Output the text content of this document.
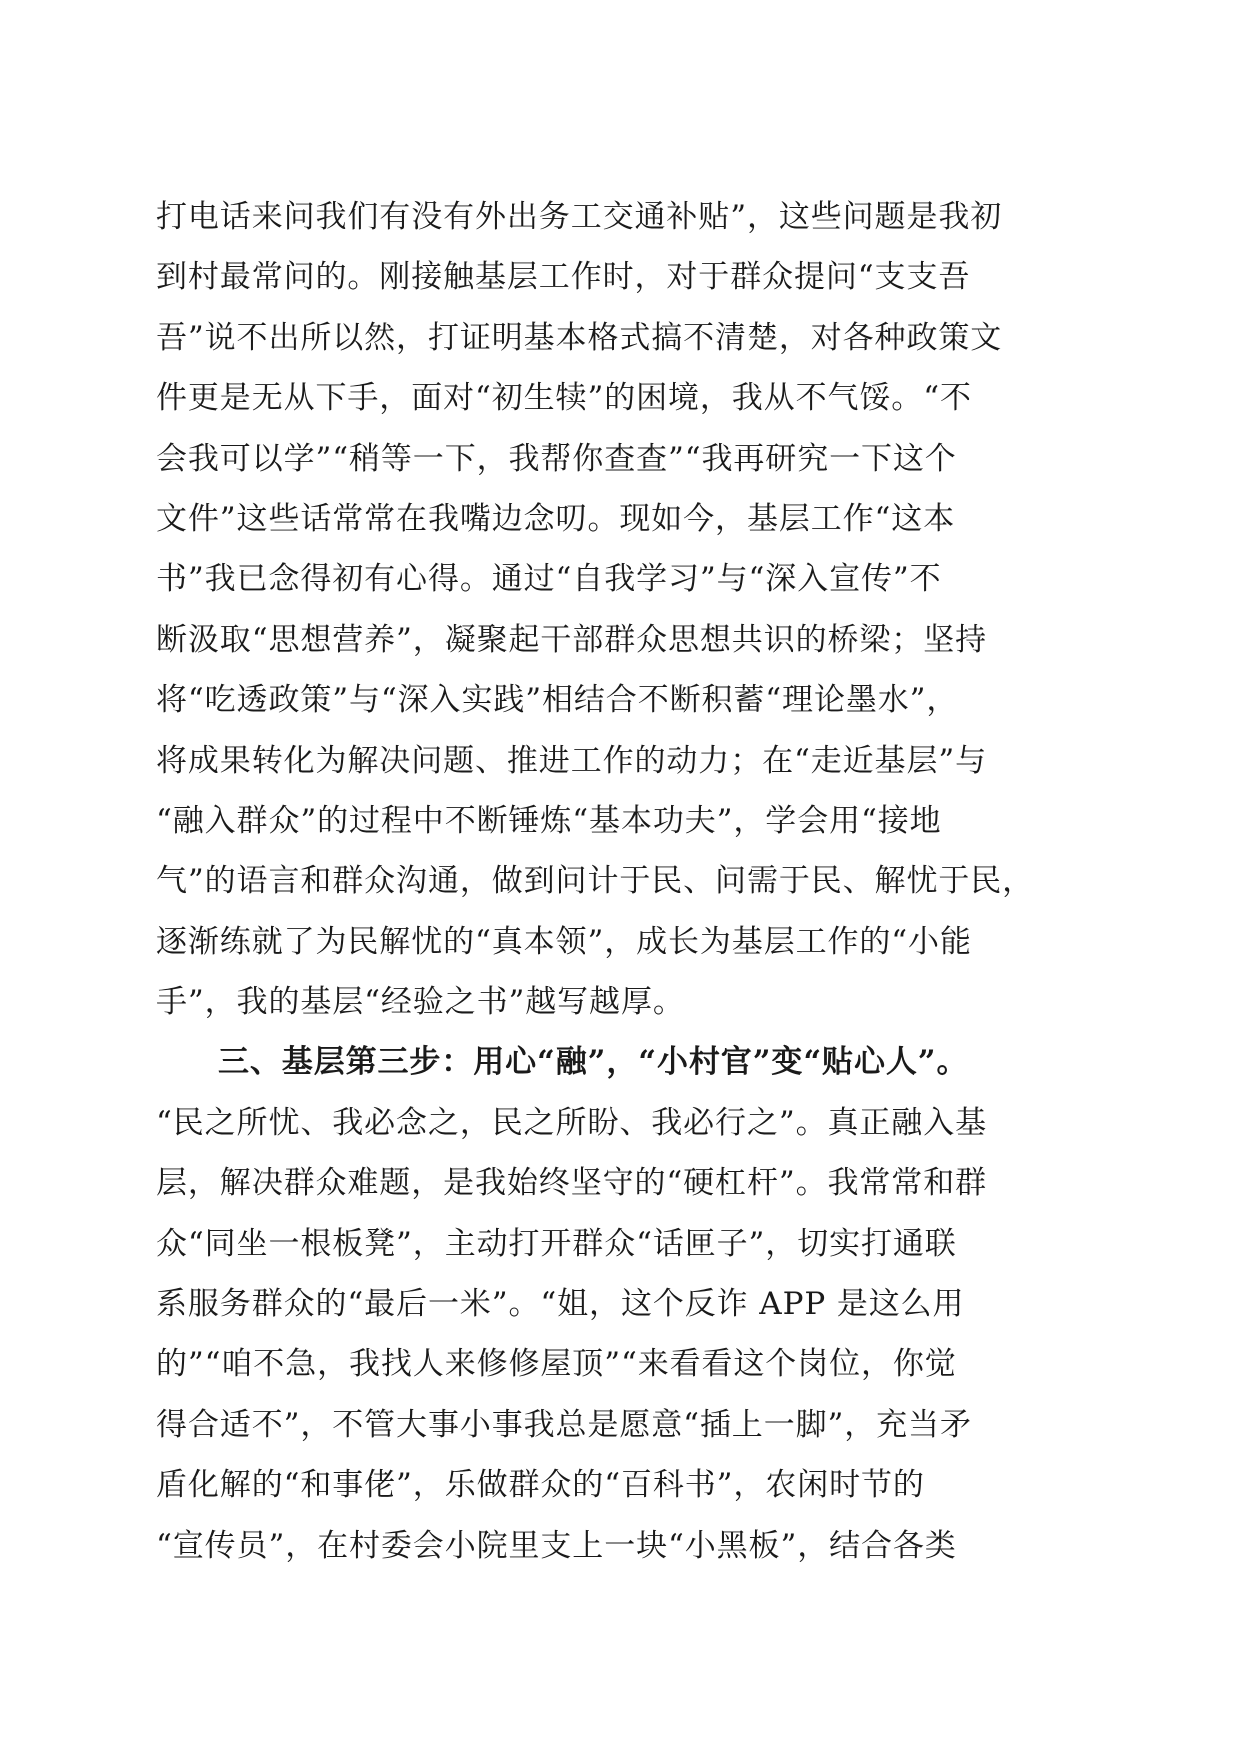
打电话来问我们有没有外出务工交通补贴”，这些问题是我初
到村最常问的。刚接触基层工作时，对于群众提问“支支吾
吾”说不出所以然，打证明基本格式搞不清楚，对各种政策文
件更是无从下手，面对“初生犊”的困境，我从不气馁。“不
会我可以学”“稍等一下，我帮你查查”“我再研究一下这个
文件”这些话常常在我嘴边念叨。现如今，基层工作“这本
书”我已念得初有心得。通过“自我学习”与“深入宣传”不
断汲取“思想营养”，凝聚起干部群众思想共识的桥梁；坚持
将“吃透政策”与“深入实践”相结合不断积蓄“理论墨水”，
将成果转化为解决问题、推进工作的动力；在“走近基层”与
“融入群众”的过程中不断锤炼“基本功夫”，学会用“接地
气”的语言和群众沟通，做到问计于民、问需于民、解忧于民，
逐渐练就了为民解忧的“真本领”，成长为基层工作的“小能
手”，我的基层“经验之书”越写越厚。
三、基层第三步：用心“融”，“小村官”变“贴心人”。
“民之所忧、我必念之，民之所盼、我必行之”。真正融入基
层，解决群众难题，是我始终坚守的“硬杠杆”。我常常和群
众“同坐一根板凳”，主动打开群众“话匣子”，切实打通联
系服务群众的“最后一米”。“姐，这个反诈 APP 是这么用
的”“咱不急，我找人来修修屋顶”“来看看这个岗位，你觉
得合适不”，不管大事小事我总是愿意“插上一脚”，充当矛
盾化解的“和事佬”，乐做群众的“百科书”，农闲时节的
“宣传员”，在村委会小院里支上一块“小黑板”，结合各类
